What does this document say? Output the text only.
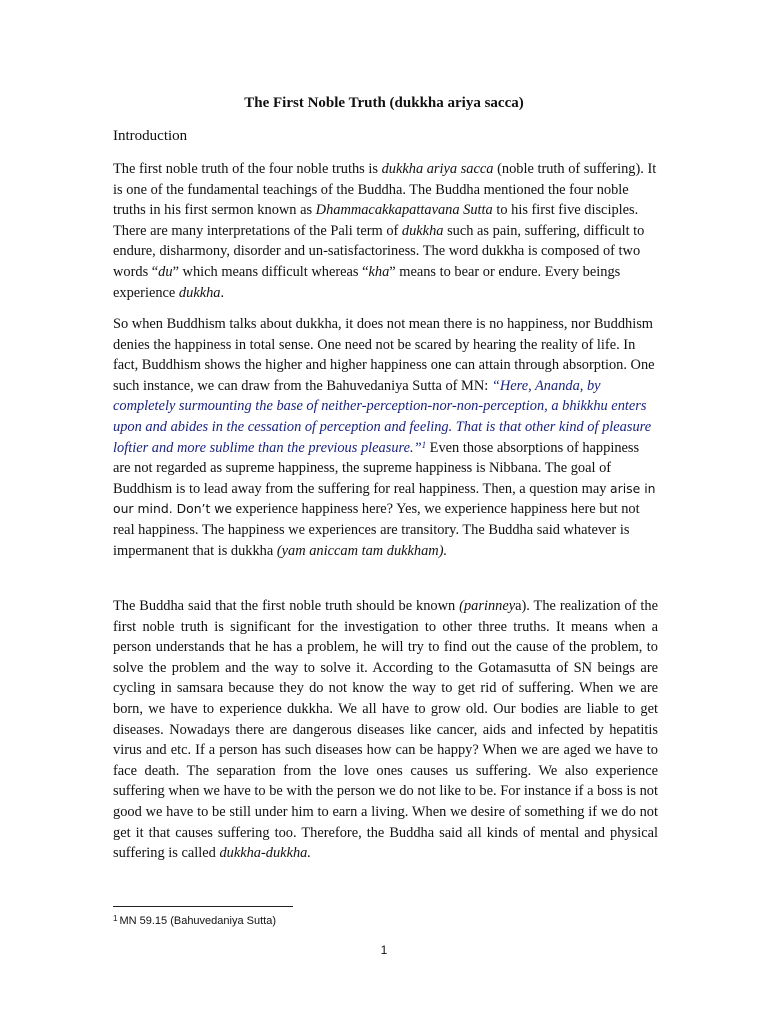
The First Noble Truth (dukkha ariya sacca)
Introduction

The first noble truth of the four noble truths is dukkha ariya sacca (noble truth of suffering). It is one of the fundamental teachings of the Buddha. The Buddha mentioned the four noble truths in his first sermon known as Dhammacakkapattavana Sutta to his first five disciples. There are many interpretations of the Pali term of dukkha such as pain, suffering, difficult to endure, disharmony, disorder and un-satisfactoriness. The word dukkha is composed of two words “du” which means difficult whereas “kha” means to bear or endure. Every beings experience dukkha.

So when Buddhism talks about dukkha, it does not mean there is no happiness, nor Buddhism denies the happiness in total sense. One need not be scared by hearing the reality of life. In fact, Buddhism shows the higher and higher happiness one can attain through absorption. One such instance, we can draw from the Bahuvedaniya Sutta of MN: “Here, Ananda, by completely surmounting the base of neither-perception-nor-non-perception, a bhikkhu enters upon and abides in the cessation of perception and feeling. That is that other kind of pleasure loftier and more sublime than the previous pleasure.”$^1$ Even those absorptions of happiness are not regarded as supreme happiness, the supreme happiness is Nibbana. The goal of Buddhism is to lead away from the suffering for real happiness. Then, a question may arise in our mind. Don’t we experience happiness here? Yes, we experience happiness here but not real happiness. The happiness we experiences are transitory. The Buddha said whatever is impermanent that is dukkha (yam aniccam tam dukkham).

The Buddha said that the first noble truth should be known (parinneya). The realization of the first noble truth is significant for the investigation to other three truths. It means when a person understands that he has a problem, he will try to find out the cause of the problem, to solve the problem and the way to solve it. According to the Gotamasutta of SN beings are cycling in samsara because they do not know the way to get rid of suffering. When we are born, we have to experience dukkha. We all have to grow old. Our bodies are liable to get diseases. Nowadays there are dangerous diseases like cancer, aids and infected by hepatitis virus and etc. If a person has such diseases how can be happy? When we are aged we have to face death. The separation from the love ones causes us suffering. We also experience suffering when we have to be with the person we do not like to be. For instance if a boss is not good we have to be still under him to earn a living. When we desire of something if we do not get it that causes suffering too. Therefore, the Buddha said all kinds of mental and physical suffering is called dukkha-dukkha.

$^1$ MN 59.15 (Bahuvedaniya Sutta)
1
